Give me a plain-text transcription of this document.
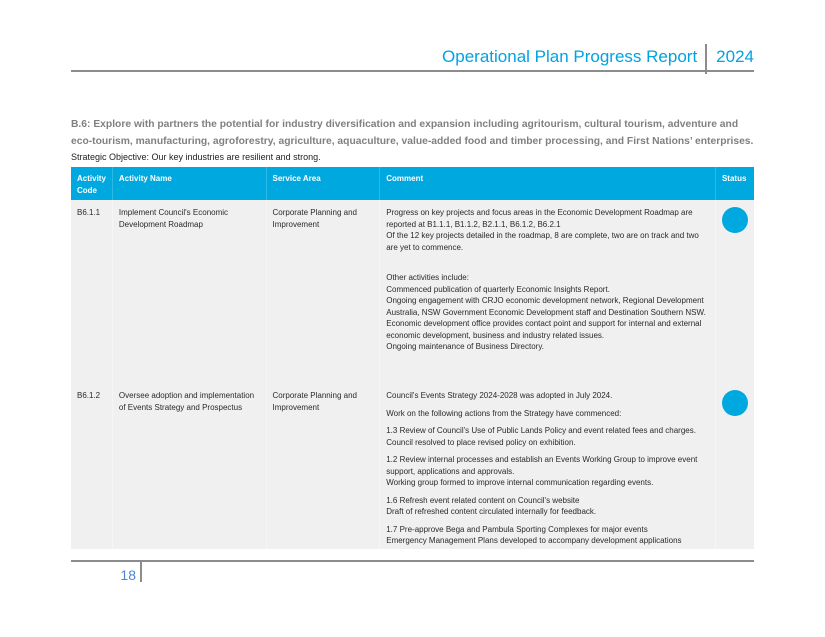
Operational Plan Progress Report	2024
B.6: Explore with partners the potential for industry diversification and expansion including agritourism, cultural tourism, adventure and eco-tourism, manufacturing, agroforestry, agriculture, aquaculture, value-added food and timber processing, and First Nations’ enterprises.
Strategic Objective: Our key industries are resilient and strong.
Activity Code	Activity Name	Service Area	Comment	Status
B6.1.1	Implement Council's Economic Development Roadmap	Corporate Planning and Improvement	
Progress on key projects and focus areas in the Economic Development Roadmap are reported at B1.1.1, B1.1.2, B2.1.1, B6.1.2, B6.2.1
Of the 12 key projects detailed in the roadmap, 8 are complete, two are on track and two are yet to commence.
Other activities include:
Commenced publication of quarterly Economic Insights Report.
Ongoing engagement with CRJO economic development network, Regional Development Australia, NSW Government Economic Development staff and Destination Southern NSW.
Economic development office provides contact point and support for internal and external economic development, business and industry related issues.
Ongoing maintenance of Business Directory.

B6.1.2	Oversee adoption and implementation of Events Strategy and Prospectus	Corporate Planning and Improvement	
Council's Events Strategy 2024-2028 was adopted in July 2024.
Work on the following actions from the Strategy have commenced:
1.3 Review of Council's Use of Public Lands Policy and event related fees and charges.
Council resolved to place revised policy on exhibition.
1.2 Review internal processes and establish an Events Working Group to improve event support, applications and approvals.
Working group formed to improve internal communication regarding events.
1.6 Refresh event related content on Council's website
Draft of refreshed content circulated internally for feedback.
1.7 Pre-approve Bega and Pambula Sporting Complexes for major events
Emergency Management Plans developed to accompany development applications

18
